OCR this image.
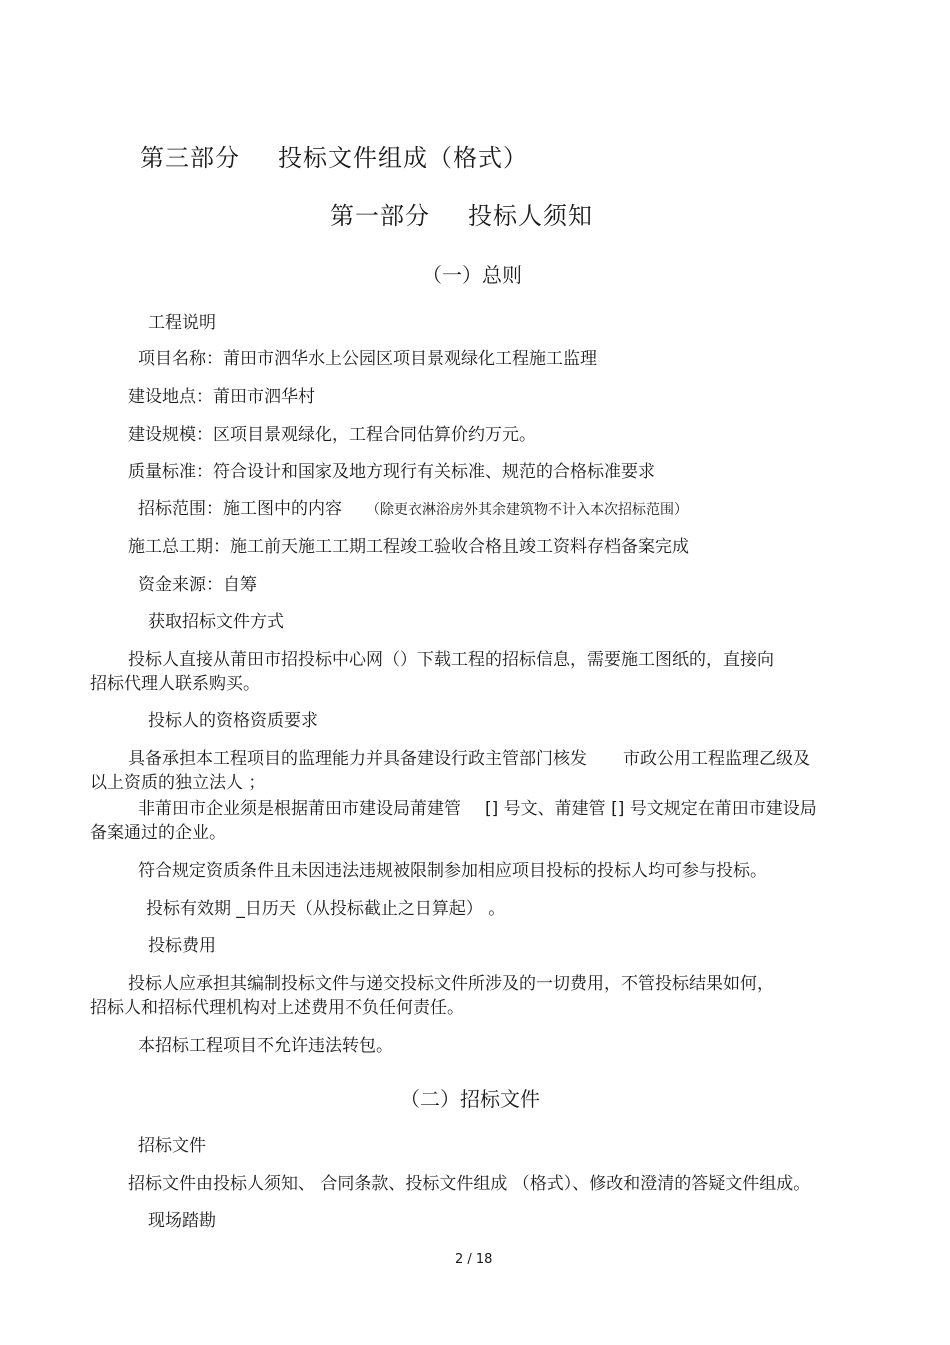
第三部分 投标文件组成（格式）
第一部分 投标人须知
（一）总则
工程说明
项目名称：莆田市泗华水上公园区项目景观绿化工程施工监理
建设地点：莆田市泗华村
建设规模：区项目景观绿化，工程合同估算价约万元。
质量标准：符合设计和国家及地方现行有关标准、规范的合格标准要求
招标范围：施工图中的内容 （除更衣淋浴房外其余建筑物不计入本次招标范围）
施工总工期：施工前天施工工期工程竣工验收合格且竣工资料存档备案完成
资金来源：自筹
获取招标文件方式
投标人直接从莆田市招投标中心网（）下载工程的招标信息，需要施工图纸的，直接向
招标代理人联系购买。
投标人的资格资质要求
具备承担本工程项目的监理能力并具备建设行政主管部门核发 市政公用工程监理乙级及
以上资质的独立法人 ；
非莆田市企业须是根据莆田市建设局莆建管 [] 号文、莆建管 [] 号文规定在莆田市建设局
备案通过的企业。
符合规定资质条件且未因违法违规被限制参加相应项目投标的投标人均可参与投标。
投标有效期 _日历天（从投标截止之日算起） 。
投标费用
投标人应承担其编制投标文件与递交投标文件所涉及的一切费用，不管投标结果如何，
招标人和招标代理机构对上述费用不负任何责任。
本招标工程项目不允许违法转包。
（二）招标文件
招标文件
招标文件由投标人须知、 合同条款、投标文件组成 （格式）、修改和澄清的答疑文件组成。
现场踏勘
2 / 18
